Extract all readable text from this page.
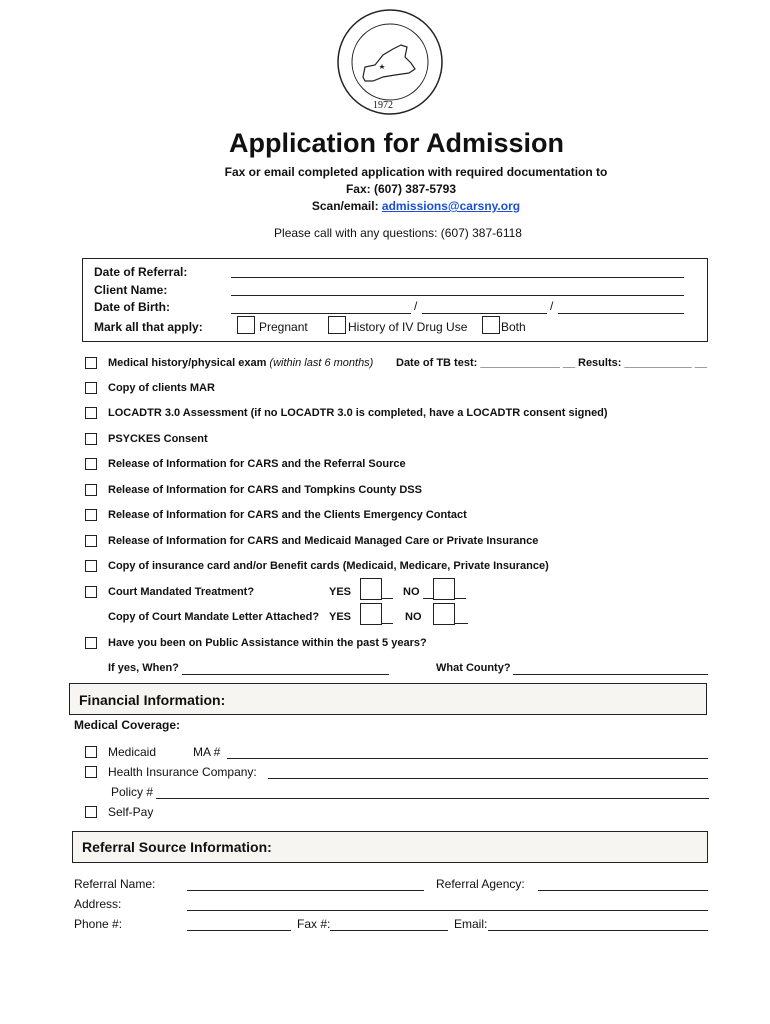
1972
Application for Admission
Fax or email completed application with required documentation to
Fax: (607) 387-5793
Scan/email: admissions@carsny.org
Please call with any questions: (607) 387-6118
Date of Referral:
Client Name:
Date of Birth:	/	/
Mark all that apply:	Pregnant	History of IV Drug Use	Both
Medical history/physical exam (within last 6 months) Date of TB test: _____________ __ Results: ___________ __
Copy of clients MAR
LOCADTR 3.0 Assessment (if no LOCADTR 3.0 is completed, have a LOCADTR consent signed)
PSYCKES Consent
Release of Information for CARS and the Referral Source
Release of Information for CARS and Tompkins County DSS
Release of Information for CARS and the Clients Emergency Contact
Release of Information for CARS and Medicaid Managed Care or Private Insurance
Copy of insurance card and/or Benefit cards (Medicaid, Medicare, Private Insurance)
Court Mandated Treatment?	YES	NO
Copy of Court Mandate Letter Attached? YES	NO
Have you been on Public Assistance within the past 5 years?
If yes, When?	What County?
Financial Information:
Medical Coverage:
Medicaid	MA #
Health Insurance Company:
Policy #
Self-Pay
Referral Source Information:
Referral Name:	Referral Agency:
Address:
Phone #:	Fax #:	Email:
